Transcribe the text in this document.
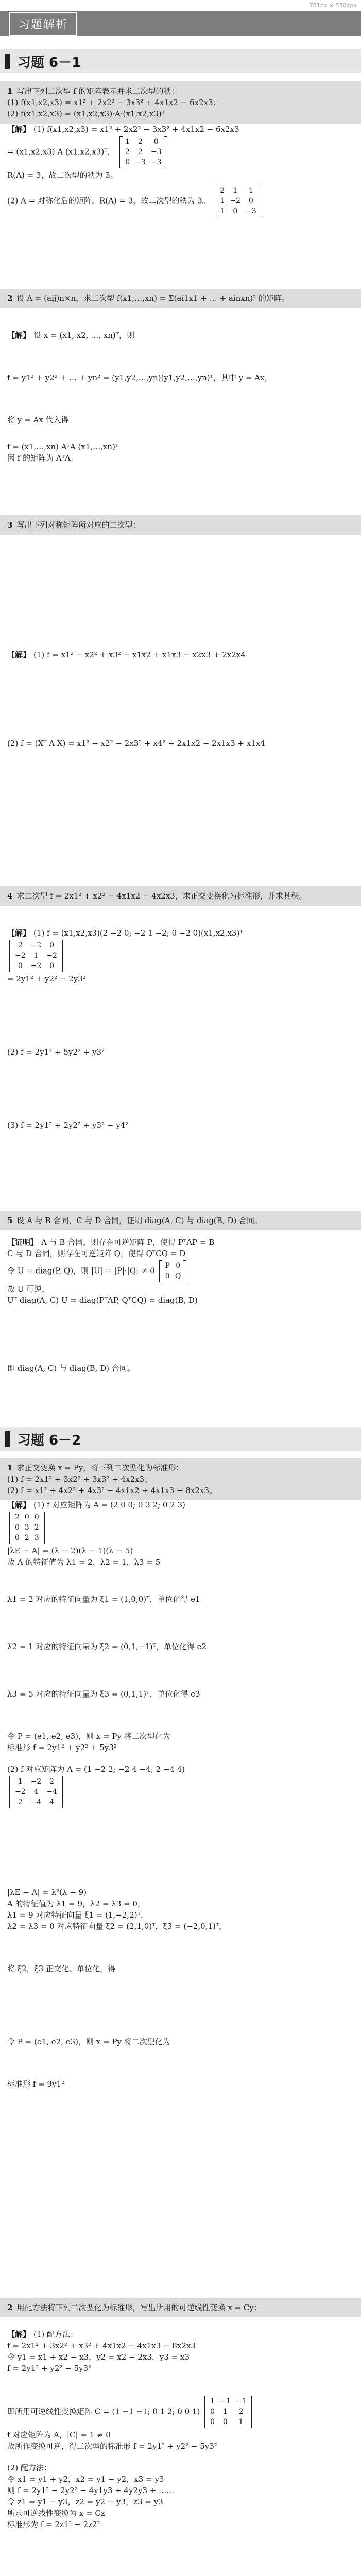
701px × 5304px
习题解析
习题 6－1
1 写出下列二次型 f 的矩阵表示并求二次型的秩：
(1) f(x1,x2,x3) = x1² + 2x2² − 3x3² + 4x1x2 − 6x2x3；
(2) f(x1,x2,x3) = (x1,x2,x3)·A·(x1,x2,x3)ᵀ
【解】 (1) f(x1,x2,x3) = x1² + 2x2² − 3x3² + 4x1x2 − 6x2x3
= (x1,x2,x3) A (x1,x2,x3)ᵀ，
1	2	0
2	2	−3
0 −3 −3
R(A) = 3，故二次型的秩为 3。
(2) A = 对称化后的矩阵，R(A) = 3，故二次型的秩为 3。
2	1	1
1 −2	0
1	0	−3
2 设 A = (aij)n×n，求二次型 f(x1,…,xn) = Σ(ai1x1 + … + ainxn)² 的矩阵。
【解】 设 x = (x1, x2, …, xn)ᵀ，则
f = y1² + y2² + … + yn² = (y1,y2,…,yn)(y1,y2,…,yn)ᵀ，其中 y = Ax，
将 y = Ax 代入得
f = (x1,…,xn) AᵀA (x1,…,xn)ᵀ
因 f 的矩阵为 AᵀA。
3 写出下列对称矩阵所对应的二次型：
【解】 (1) f = x1² − x2² + x3² − x1x2 + x1x3 − x2x3 + 2x2x4
(2) f = (Xᵀ A X) = x1² − x2² − 2x3² + x4² + 2x1x2 − 2x1x3 + x1x4
4 求二次型 f = 2x1² + x2² − 4x1x2 − 4x2x3，求正交变换化为标准形，并求其秩。
【解】 (1) f = (x1,x2,x3)(2 −2 0; −2 1 −2; 0 −2 0)(x1,x2,x3)ᵀ
2	−2	0
−2	1	−2
0	−2	0
= 2y1² + y2² − 2y3²
(2) f = 2y1² + 5y2² + y3²
(3) f = 2y1² + 2y2² + y3² − y4²
5 设 A 与 B 合同，C 与 D 合同，证明 diag(A, C) 与 diag(B, D) 合同。
【证明】 A 与 B 合同，则存在可逆矩阵 P，使得 PᵀAP = B
C 与 D 合同，则存在可逆矩阵 Q，使得 QᵀCQ = D
令 U = diag(P, Q)，则 |U| = |P|·|Q| ≠ 0
P 0
0 Q
故 U 可逆，
Uᵀ diag(A, C) U = diag(PᵀAP, QᵀCQ) = diag(B, D)
即 diag(A, C) 与 diag(B, D) 合同。
习题 6－2
1 求正交变换 x = Py，将下列二次型化为标准形：
(1) f = 2x1² + 3x2² + 3x3² + 4x2x3；
(2) f = x1² + 4x2² + 4x3² − 4x1x2 + 4x1x3 − 8x2x3。
【解】 (1) f 对应矩阵为 A = (2 0 0; 0 3 2; 0 2 3)
2 0 0
0 3 2
0 2 3
|λE − A| = (λ − 2)(λ − 1)(λ − 5)
故 A 的特征值为 λ1 = 2，λ2 = 1，λ3 = 5
λ1 = 2 对应的特征向量为 ξ1 = (1,0,0)ᵀ，单位化得 e1
λ2 = 1 对应的特征向量为 ξ2 = (0,1,−1)ᵀ，单位化得 e2
λ3 = 5 对应的特征向量为 ξ3 = (0,1,1)ᵀ，单位化得 e3
令 P = (e1, e2, e3)，则 x = Py 将二次型化为
标准形 f = 2y1² + y2² + 5y3²
(2) f 对应矩阵为 A = (1 −2 2; −2 4 −4; 2 −4 4)
1	−2	2
−2	4	−4
2	−4	4
|λE − A| = λ²(λ − 9)
A 的特征值为 λ1 = 9，λ2 = λ3 = 0，
λ1 = 9 对应特征向量 ξ1 = (1,−2,2)ᵀ，
λ2 = λ3 = 0 对应特征向量 ξ2 = (2,1,0)ᵀ，ξ3 = (−2,0,1)ᵀ，
将 ξ2，ξ3 正交化、单位化，得
令 P = (e1, e2, e3)，则 x = Py 将二次型化为
标准形 f = 9y1²
2 用配方法将下列二次型化为标准形，写出所用的可逆线性变换 x = Cy：
【解】 (1) 配方法：
f = 2x1² + 3x2² + x3² + 4x1x2 − 4x1x3 − 8x2x3
令 y1 = x1 + x2 − x3，y2 = x2 − 2x3，y3 = x3
f = 2y1² + y2² − 5y3²
即所用可逆线性变换矩阵 C = (1 −1 −1; 0 1 2; 0 0 1)
1 −1 −1
0	1	2
0	0	1
f 对应矩阵为 A，|C| = 1 ≠ 0
故所作变换可逆，得二次型的标准形 f = 2y1² + y2² − 5y3²
(2) 配方法：
令 x1 = y1 + y2，x2 = y1 − y2，x3 = y3
则 f = 2y1² − 2y2² − 4y1y3 + 4y2y3 + ……
令 z1 = y1 − y3，z2 = y2 − y3，z3 = y3
所求可逆线性变换为 x = Cz
标准形为 f = 2z1² − 2z2²
